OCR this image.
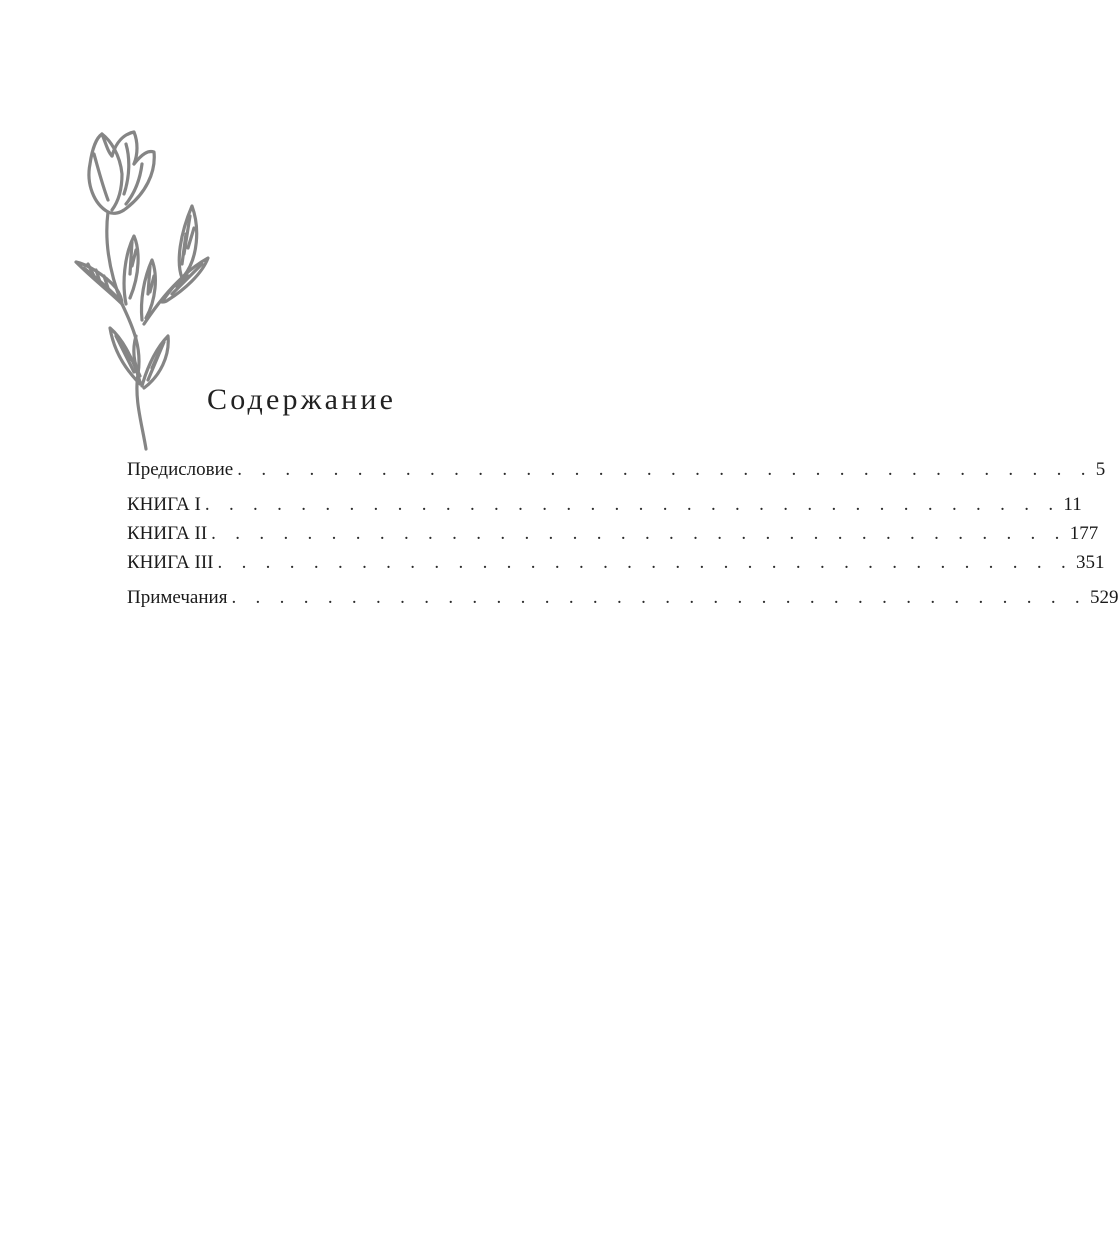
Содержание
Предисловие . . . . . . . . . . . . . . . . . . . . . . . . . . . . . . . . . . . . 5
КНИГА I . . . . . . . . . . . . . . . . . . . . . . . . . . . . . . . . . . . . 11
КНИГА II . . . . . . . . . . . . . . . . . . . . . . . . . . . . . . . . . . . . 177
КНИГА III . . . . . . . . . . . . . . . . . . . . . . . . . . . . . . . . . . . . 351
Примечания . . . . . . . . . . . . . . . . . . . . . . . . . . . . . . . . . . . . 529
